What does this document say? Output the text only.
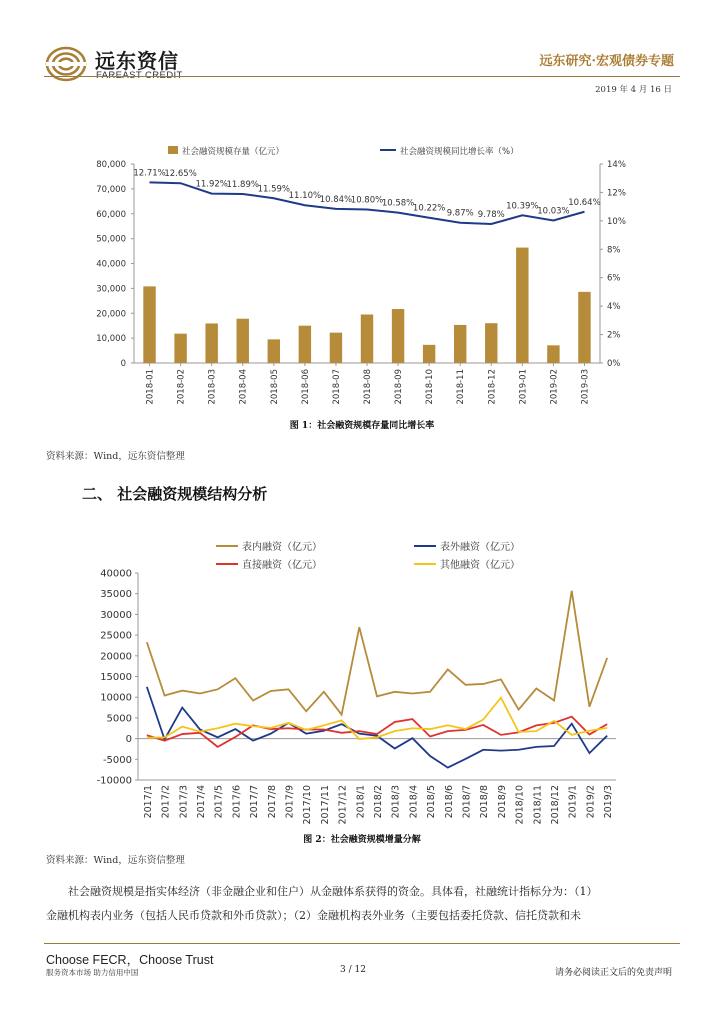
远东资信	远东研究·宏观债券专题
2019 年 4 月 16 日
社会融资规模存量（亿元）	社会融资规模同比增长率（%）
0
10,000
20,000
30,000
40,000
50,000
60,000
70,000
80,000
0%
2%
4%
6%
8%
10%
12%
14%
12.71%
12.65%
11.92%
11.89%
11.59%
11.10%
10.84%
10.80%
10.58%
10.22% 9.87% 9.78%
10.39%
10.03%
10.64%
2018-01 2018-02 2018-03 2018-04 2018-05 2018-06 2018-07 2018-08 2018-09 2018-10 2018-11 2018-12 2019-01 2019-02 2019-03
图 1：社会融资规模存量同比增长率
资料来源：Wind，远东资信整理
二、 社会融资规模结构分析
表内融资（亿元）	表外融资（亿元）
直接融资（亿元）	其他融资（亿元）
-10000
-5000
0
5000
10000
15000
20000
25000
30000
35000
40000
2017/1 2017/2 2017/3 2017/4 2017/5 2017/6 2017/7 2017/8 2017/9 2017/10 2017/11 2017/12 2018/1 2018/2 2018/3 2018/4 2018/5 2018/6 2018/7 2018/8 2018/9 2018/10 2018/11 2018/12 2019/1 2019/2 2019/3
图 2：社会融资规模增量分解
资料来源：Wind，远东资信整理
社会融资规模是指实体经济（非金融企业和住户）从金融体系获得的资金。具体看，社融统计指标分为：（1）
金融机构表内业务（包括人民币贷款和外币贷款）；（2）金融机构表外业务（主要包括委托贷款、信托贷款和未
Choose FECR，Choose Trust
服务资本市场 助力信用中国	3 / 12	请务必阅读正文后的免责声明
